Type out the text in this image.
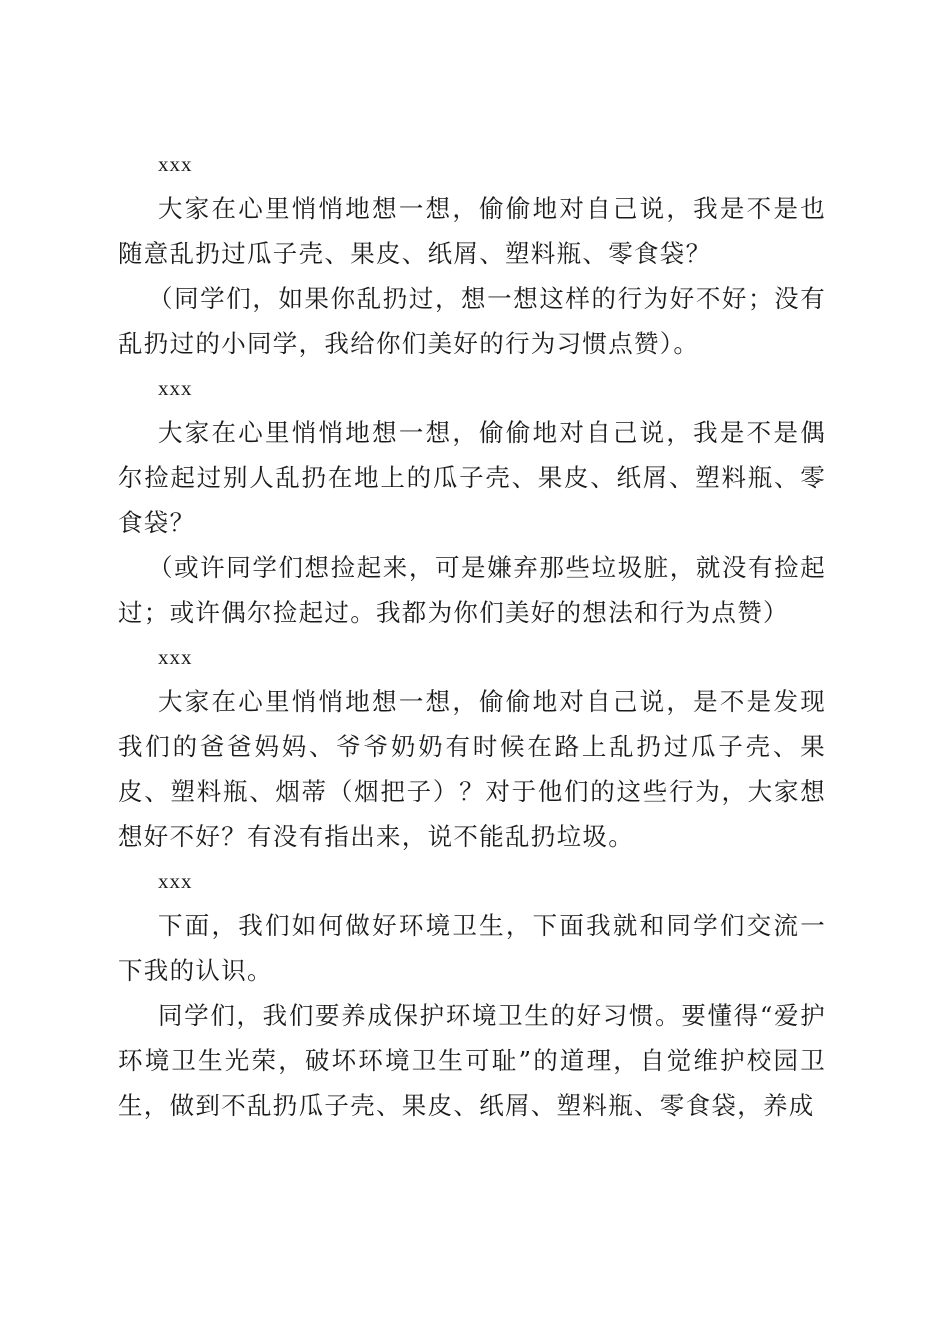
xxx

大家在心里悄悄地想一想，偷偷地对自己说，我是不是也随意乱扔过瓜子壳、果皮、纸屑、塑料瓶、零食袋？

（同学们，如果你乱扔过，想一想这样的行为好不好；没有乱扔过的小同学，我给你们美好的行为习惯点赞）。

xxx

大家在心里悄悄地想一想，偷偷地对自己说，我是不是偶尔捡起过别人乱扔在地上的瓜子壳、果皮、纸屑、塑料瓶、零食袋？

（或许同学们想捡起来，可是嫌弃那些垃圾脏，就没有捡起过；或许偶尔捡起过。我都为你们美好的想法和行为点赞）

xxx

大家在心里悄悄地想一想，偷偷地对自己说，是不是发现我们的爸爸妈妈、爷爷奶奶有时候在路上乱扔过瓜子壳、果皮、塑料瓶、烟蒂（烟把子）？对于他们的这些行为，大家想想好不好？有没有指出来，说不能乱扔垃圾。

xxx

下面，我们如何做好环境卫生，下面我就和同学们交流一下我的认识。

同学们，我们要养成保护环境卫生的好习惯。要懂得“爱护环境卫生光荣，破坏环境卫生可耻”的道理，自觉维护校园卫生，做到不乱扔瓜子壳、果皮、纸屑、塑料瓶、零食袋，养成
